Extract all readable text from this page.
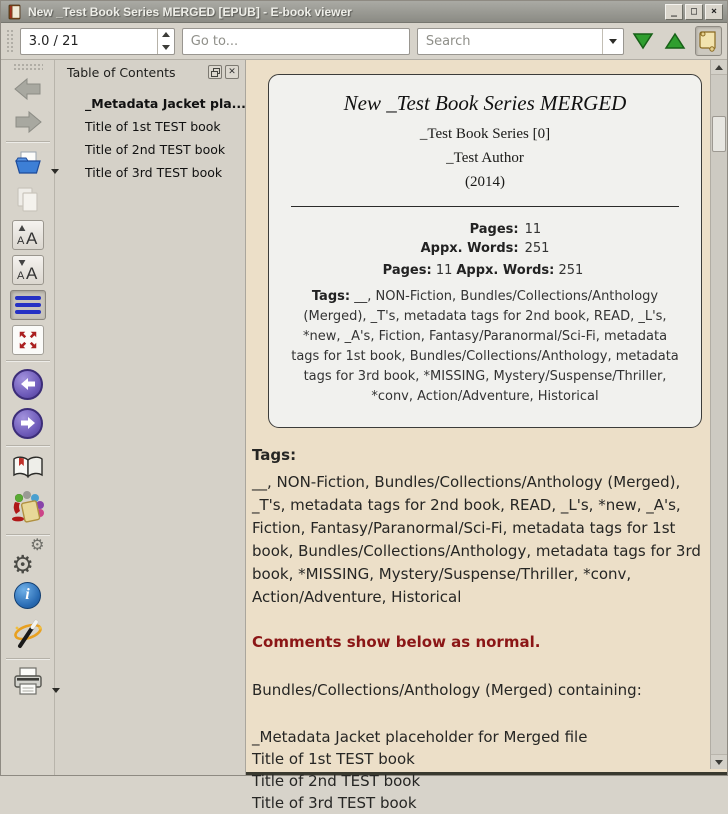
New _Test Book Series MERGED [EPUB] - E-book viewer	_	□	×
3.0 / 21
Go to...
Search
A A
A A
⚙
⚙
i
Table of Contents	✕
_Metadata Jacket pla...
Title of 1st TEST book
Title of 2nd TEST book
Title of 3rd TEST book
New _Test Book Series MERGED
_Test Book Series [0]
_Test Author
(2014)
Pages:	11
Appx. Words:	251
Pages: 11 Appx. Words: 251
Tags: __, NON-Fiction, Bundles/Collections/Anthology (Merged), _T's, metadata tags for 2nd book, READ, _L's, *new, _A's, Fiction, Fantasy/Paranormal/Sci-Fi, metadata tags for 1st book, Bundles/Collections/Anthology, metadata tags for 3rd book, *MISSING, Mystery/Suspense/Thriller, *conv, Action/Adventure, Historical
Tags:
__, NON-Fiction, Bundles/Collections/Anthology (Merged), _T's, metadata tags for 2nd book, READ, _L's, *new, _A's, Fiction, Fantasy/Paranormal/Sci-Fi, metadata tags for 1st book, Bundles/Collections/Anthology, metadata tags for 3rd book, *MISSING, Mystery/Suspense/Thriller, *conv, Action/Adventure, Historical
Comments show below as normal.
Bundles/Collections/Anthology (Merged) containing:
_Metadata Jacket placeholder for Merged file
Title of 1st TEST book
Title of 2nd TEST book
Title of 3rd TEST book
